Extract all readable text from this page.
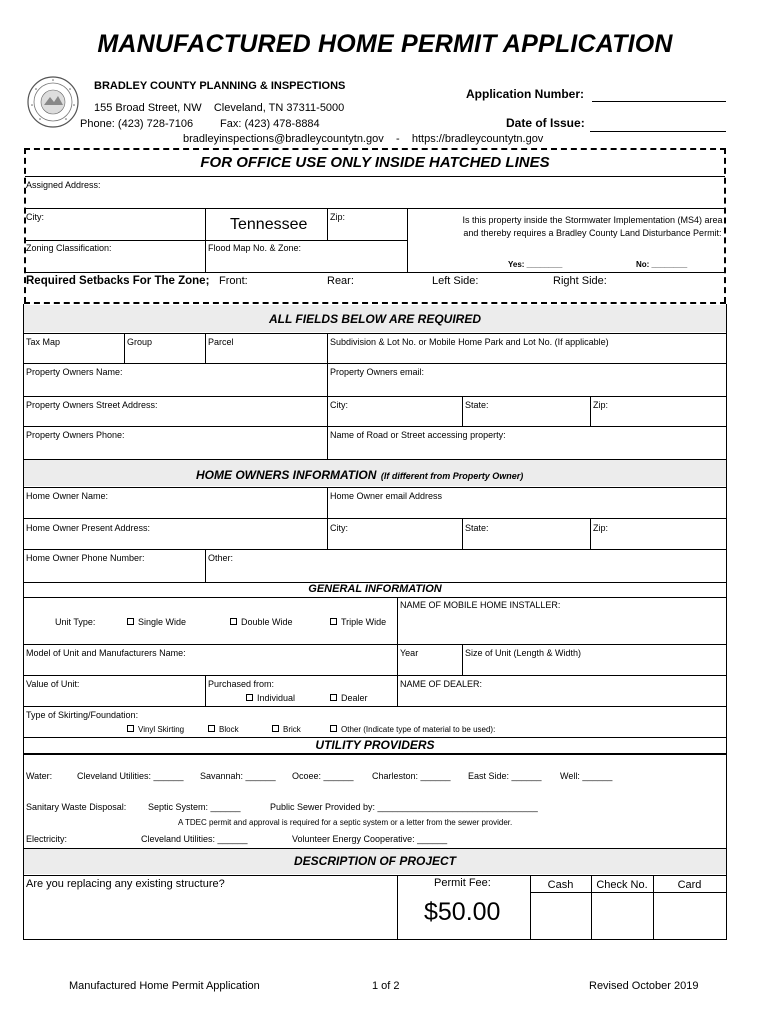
MANUFACTURED HOME PERMIT APPLICATION
BRADLEY COUNTY PLANNING & INSPECTIONS
155 Broad Street, NW    Cleveland, TN 37311-5000
Phone: (423) 728-7106 Fax: (423) 478-8884
bradleyinspections@bradleycountytn.gov    -    https://bradleycountytn.gov
Application Number:
Date of Issue:
FOR OFFICE USE ONLY INSIDE HATCHED LINES
Assigned Address:
City:	Tennessee	Zip:	Is this property inside the Stormwater Implementation (MS4) area and thereby requires a Bradley County Land Disturbance Permit:
Yes: ________	No: ________
Zoning Classification:	Flood Map No. & Zone:
Required Setbacks For The Zone; Front:	Rear:	Left Side:	Right Side:
ALL FIELDS BELOW ARE REQUIRED
Tax Map	Group	Parcel	Subdivision & Lot No. or Mobile Home Park and Lot No. (If applicable)
Property Owners Name:	Property Owners email:
Property Owners Street Address:	City:	State:	Zip:
Property Owners Phone:	Name of Road or Street accessing property:
HOME OWNERS INFORMATION (If different from Property Owner)
Home Owner Name:	Home Owner email Address
Home Owner Present Address:	City:	State:	Zip:
Home Owner Phone Number:	Other:
GENERAL INFORMATION
NAME OF MOBILE HOME INSTALLER:
Unit Type:	Single Wide	Double Wide	Triple Wide
Model of Unit and Manufacturers Name:	Year	Size of Unit (Length & Width)
Value of Unit:	Purchased from:
Individual	Dealer
NAME OF DEALER:
Type of Skirting/Foundation:
Vinyl Skirting	Block	Brick	Other (Indicate type of material to be used):
UTILITY PROVIDERS
Water:	Cleveland Utilities: ______ Savannah: ______ Ocoee: ______ Charleston: ______ East Side: ______ Well: ______
Sanitary Waste Disposal: Septic System: ______	Public Sewer Provided by: ________________________________
A TDEC permit and approval is required for a septic system or a letter from the sewer provider.
Electricity:	Cleveland Utilities: ______	Volunteer Energy Cooperative: ______
DESCRIPTION OF PROJECT
Are you replacing any existing structure?	Permit Fee:	Cash	Check No.	Card
$50.00
Manufactured Home Permit Application	1 of 2	Revised October 2019
